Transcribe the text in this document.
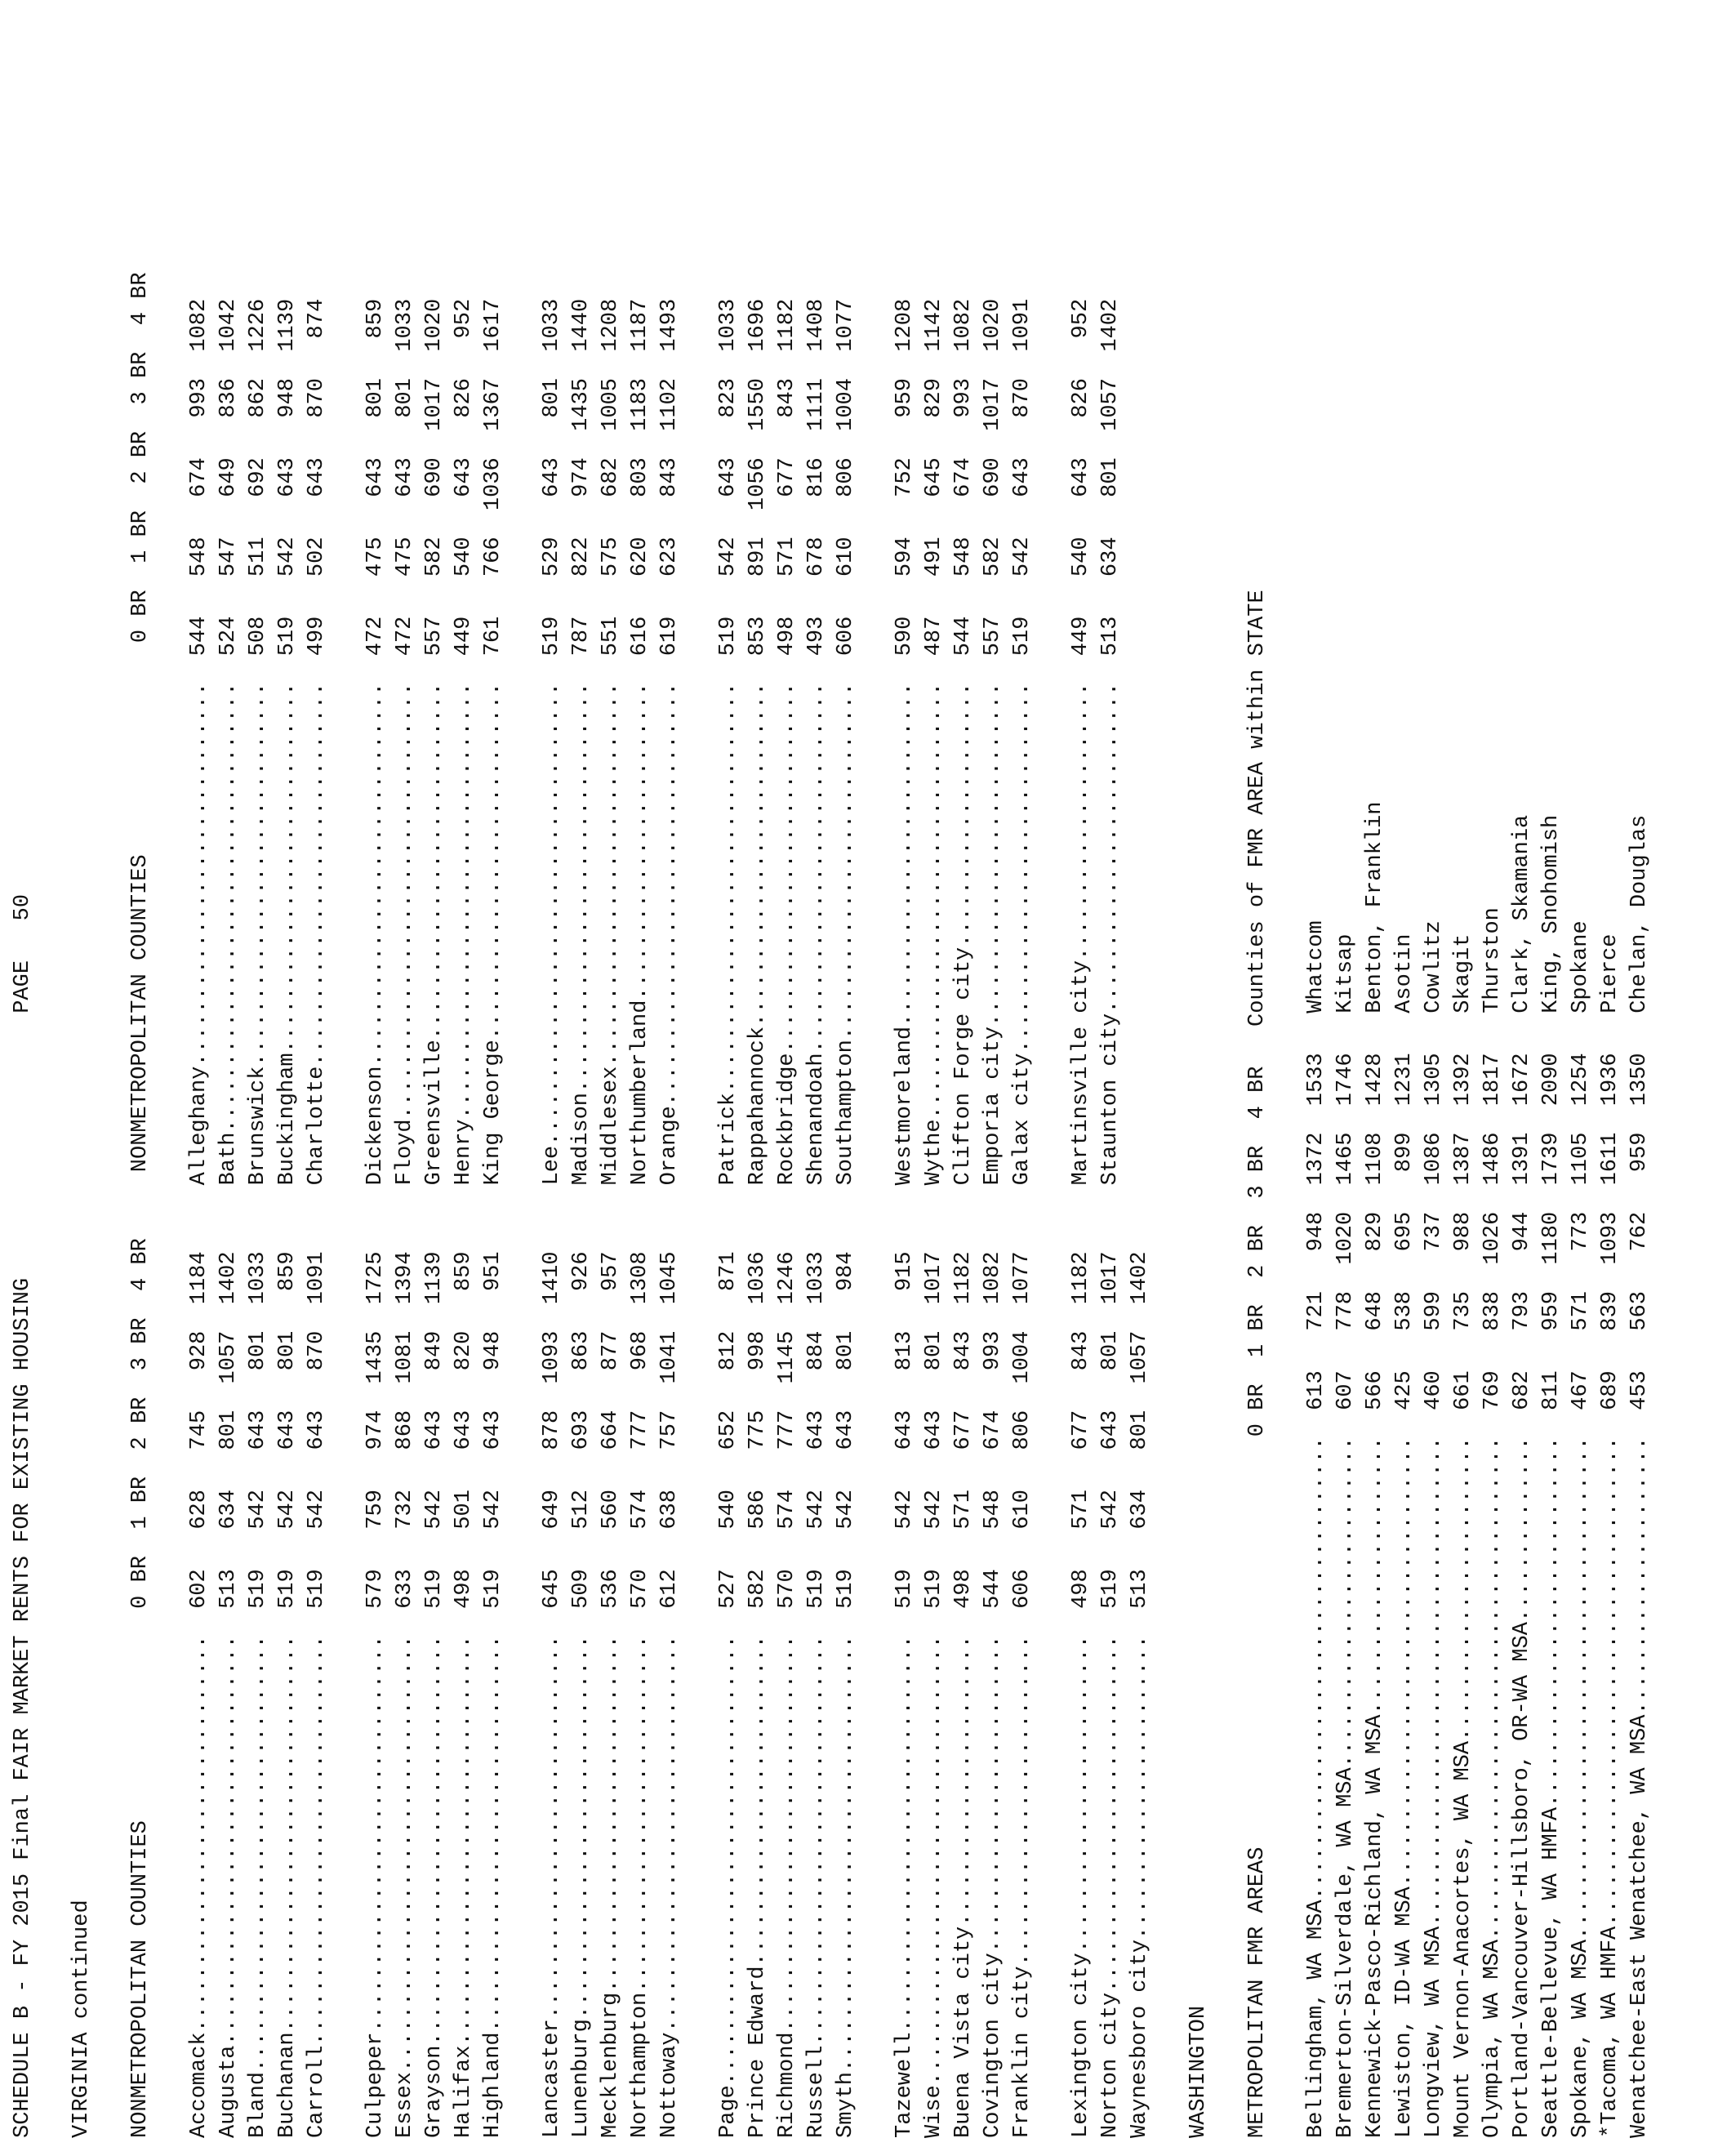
SCHEDULE B - FY 2015 Final FAIR MARKET RENTS FOR EXISTING HOUSING                    PAGE   50
VIRGINIA continued NONMETROPOLITAN COUNTIES                0 BR  1 BR  2 BR  3 BR  4 BR     NONMETROPOLITAN COUNTIES                0 BR  1 BR  2 BR  3 BR  4 BR Accomack..............................  602   628   745   928  1184     Alleghany.............................  544   548   674   993  1082 Augusta...............................  513   634   801  1057  1402     Bath..................................  524   547   649   836  1042 Bland.................................  519   542   643   801  1033     Brunswick.............................  508   511   692   862  1226 Buchanan..............................  519   542   643   801   859     Buckingham............................  519   542   643   948  1139 Carroll...............................  519   542   643   870  1091     Charlotte.............................  499   502   643   870   874 Culpeper..............................  579   759   974  1435  1725     Dickenson.............................  472   475   643   801   859 Essex.................................  633   732   868  1081  1394     Floyd.................................  472   475   643   801  1033 Grayson...............................  519   542   643   849  1139     Greensville...........................  557   582   690  1017  1020 Halifax...............................  498   501   643   820   859     Henry.................................  449   540   643   826   952 Highland..............................  519   542   643   948   951     King George...........................  761   766  1036  1367  1617 Lancaster.............................  645   649   878  1093  1410     Lee...................................  519   529   643   801  1033 Lunenburg.............................  509   512   693   863   926     Madison...............................  787   822   974  1435  1440 Mecklenburg...........................  536   560   664   877   957     Middlesex.............................  551   575   682  1005  1208 Northampton...........................  570   574   777   968  1308     Northumberland........................  616   620   803  1183  1187 Nottoway..............................  612   638   757  1041  1045     Orange................................  619   623   843  1102  1493 Page..................................  527   540   652   812   871     Patrick...............................  519   542   643   823  1033 Prince Edward.........................  582   586   775   998  1036     Rappahannock..........................  853   891  1056  1550  1696 Richmond..............................  570   574   777  1145  1246     Rockbridge............................  498   571   677   843  1182 Russell...............................  519   542   643   884  1033     Shenandoah............................  493   678   816  1111  1408 Smyth.................................  519   542   643   801   984     Southampton...........................  606   610   806  1004  1077 Tazewell..............................  519   542   643   813   915     Westmoreland..........................  590   594   752   959  1208 Wise..................................  519   542   643   801  1017     Wythe.................................  487   491   645   829  1142 Buena Vista city......................  498   571   677   843  1182     Clifton Forge city....................  544   548   674   993  1082 Covington city........................  544   548   674   993  1082     Emporia city..........................  557   582   690  1017  1020 Franklin city.........................  606   610   806  1004  1077     Galax city............................  519   542   643   870  1091 Lexington city........................  498   571   677   843  1182     Martinsville city.....................  449   540   643   826   952 Norton city...........................  519   542   643   801  1017     Staunton city.........................  513   634   801  1057  1402 Waynesboro city.......................  513   634   801  1057  1402 WASHINGTON METROPOLITAN FMR AREAS                               0 BR  1 BR  2 BR  3 BR  4 BR   Counties of FMR AREA within STATE Bellingham, WA MSA...................................  613   721   948  1372  1533   Whatcom Bremerton-Silverdale, WA MSA.........................  607   778  1020  1465  1746   Kitsap Kennewick-Pasco-Richland, WA MSA.....................  566   648   829  1108  1428   Benton, Franklin Lewiston, ID-WA MSA..................................  425   538   695   899  1231   Asotin Longview, WA MSA.....................................  460   599   737  1086  1305   Cowlitz Mount Vernon-Anacortes, WA MSA.......................  661   735   988  1387  1392   Skagit Olympia, WA MSA......................................  769   838  1026  1486  1817   Thurston Portland-Vancouver-Hillsboro, OR-WA MSA..............  682   793   944  1391  1672   Clark, Skamania Seattle-Bellevue, WA HMFA............................  811   959  1180  1739  2090   King, Snohomish Spokane, WA MSA......................................  467   571   773  1105  1254   Spokane *Tacoma, WA HMFA.....................................  689   839  1093  1611  1936   Pierce Wenatchee-East Wenatchee, WA MSA.....................  453   563   762   959  1350   Chelan, Douglas
